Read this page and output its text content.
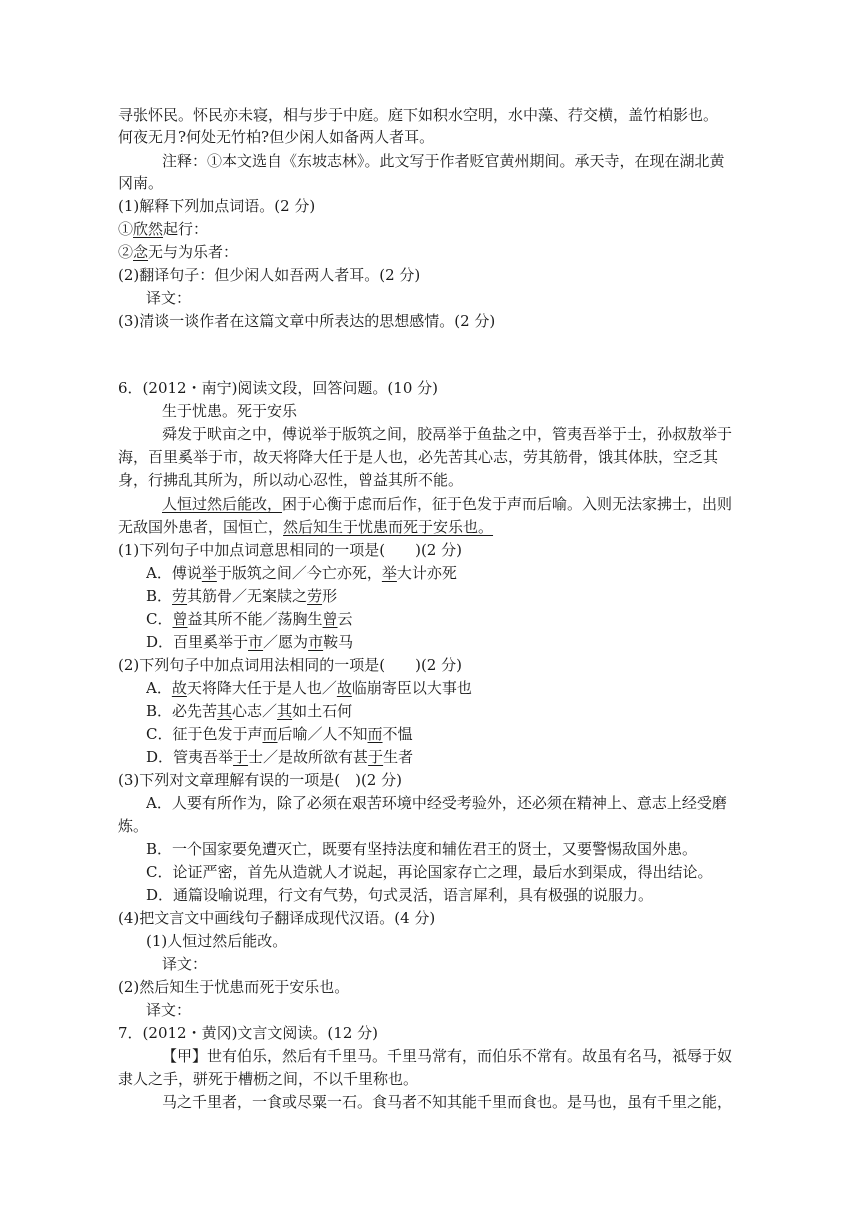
寻张怀民。怀民亦未寝，相与步于中庭。庭下如积水空明，水中藻、荇交横，盖竹柏影也。
何夜无月?何处无竹柏?但少闲人如备两人者耳。
注释：①本文选自《东坡志林》。此文写于作者贬官黄州期间。承天寺，在现在湖北黄
冈南。
(1)解释下列加点词语。(2 分)
①欣然起行：
②念无与为乐者：
(2)翻译句子：但少闲人如吾两人者耳。(2 分)
译文：
(3)清谈一谈作者在这篇文章中所表达的思想感情。(2 分)
6．(2012・南宁)阅读文段，回答问题。(10 分)
生于忧患。死于安乐
舜发于畎亩之中，傅说举于版筑之间，胶鬲举于鱼盐之中，管夷吾举于士，孙叔敖举于
海，百里奚举于市，故天将降大任于是人也，必先苦其心志，劳其筋骨，饿其体肤，空乏其
身，行拂乱其所为，所以动心忍性，曾益其所不能。
人恒过然后能改，困于心衡于虑而后作，征于色发于声而后喻。入则无法家拂士，出则
无敌国外患者，国恒亡，然后知生于忧患而死于安乐也。
(1)下列句子中加点词意思相同的一项是(　　)(2 分)
A．傅说举于版筑之间／今亡亦死，举大计亦死
B．劳其筋骨／无案牍之劳形
C．曾益其所不能／荡胸生曾云
D．百里奚举于市／愿为市鞍马
(2)下列句子中加点词用法相同的一项是(　　)(2 分)
A．故天将降大任于是人也／故临崩寄臣以大事也
B．必先苦其心志／其如土石何
C．征于色发于声而后喻／人不知而不愠
D．管夷吾举于士／是故所欲有甚于生者
(3)下列对文章理解有误的一项是(　)(2 分)
A．人要有所作为，除了必须在艰苦环境中经受考验外，还必须在精神上、意志上经受磨
炼。
B．一个国家要免遭灭亡，既要有坚持法度和辅佐君王的贤士，又要警惕敌国外患。
C．论证严密，首先从造就人才说起，再论国家存亡之理，最后水到渠成，得出结论。
D．通篇设喻说理，行文有气势，句式灵活，语言犀利，具有极强的说服力。
(4)把文言文中画线句子翻译成现代汉语。(4 分)
(1)人恒过然后能改。
译文：
(2)然后知生于忧患而死于安乐也。
译文：
7．(2012・黄冈)文言文阅读。(12 分)
【甲】世有伯乐，然后有千里马。千里马常有，而伯乐不常有。故虽有名马，祗辱于奴
隶人之手，骈死于槽枥之间，不以千里称也。
马之千里者，一食或尽粟一石。食马者不知其能千里而食也。是马也，虽有千里之能，
